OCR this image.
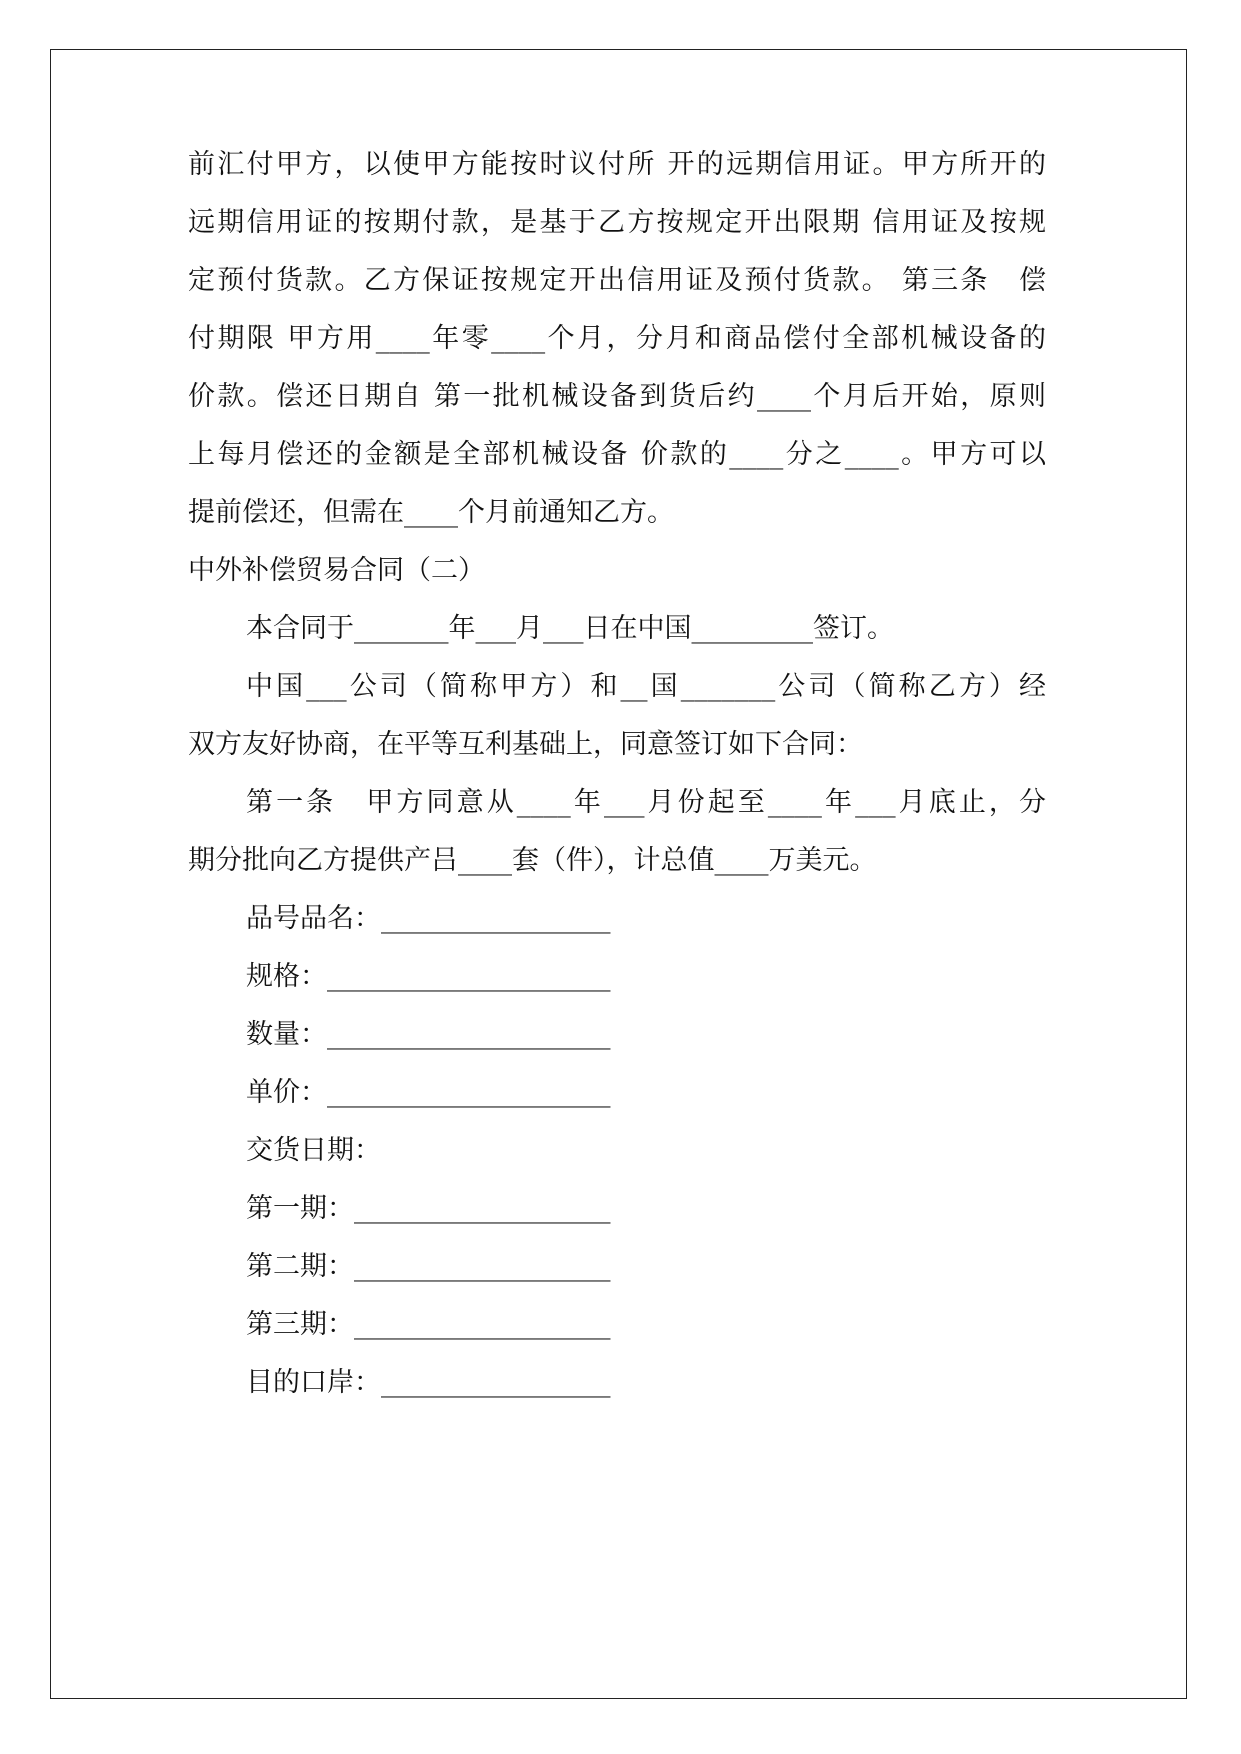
前汇付甲方，以使甲方能按时议付所 开的远期信用证。甲方所开的
远期信用证的按期付款，是基于乙方按规定开出限期 信用证及按规
定预付货款。乙方保证按规定开出信用证及预付货款。 第三条　偿
付期限 甲方用____年零____个月，分月和商品偿付全部机械设备的
价款。偿还日期自 第一批机械设备到货后约____个月后开始，原则
上每月偿还的金额是全部机械设备 价款的____分之____。甲方可以
提前偿还，但需在____个月前通知乙方。
中外补偿贸易合同（二）
本合同于_______年___月___日在中国_________签订。
中国___公司（简称甲方）和__国_______公司（简称乙方）经
双方友好协商，在平等互利基础上，同意签订如下合同：
第一条　甲方同意从____年___月份起至____年___月底止，分
期分批向乙方提供产吕____套（件），计总值____万美元。
品号品名：_________________
规格：_____________________
数量：_____________________
单价：_____________________
交货日期：
第一期：___________________
第二期：___________________
第三期：___________________
目的口岸：_________________
